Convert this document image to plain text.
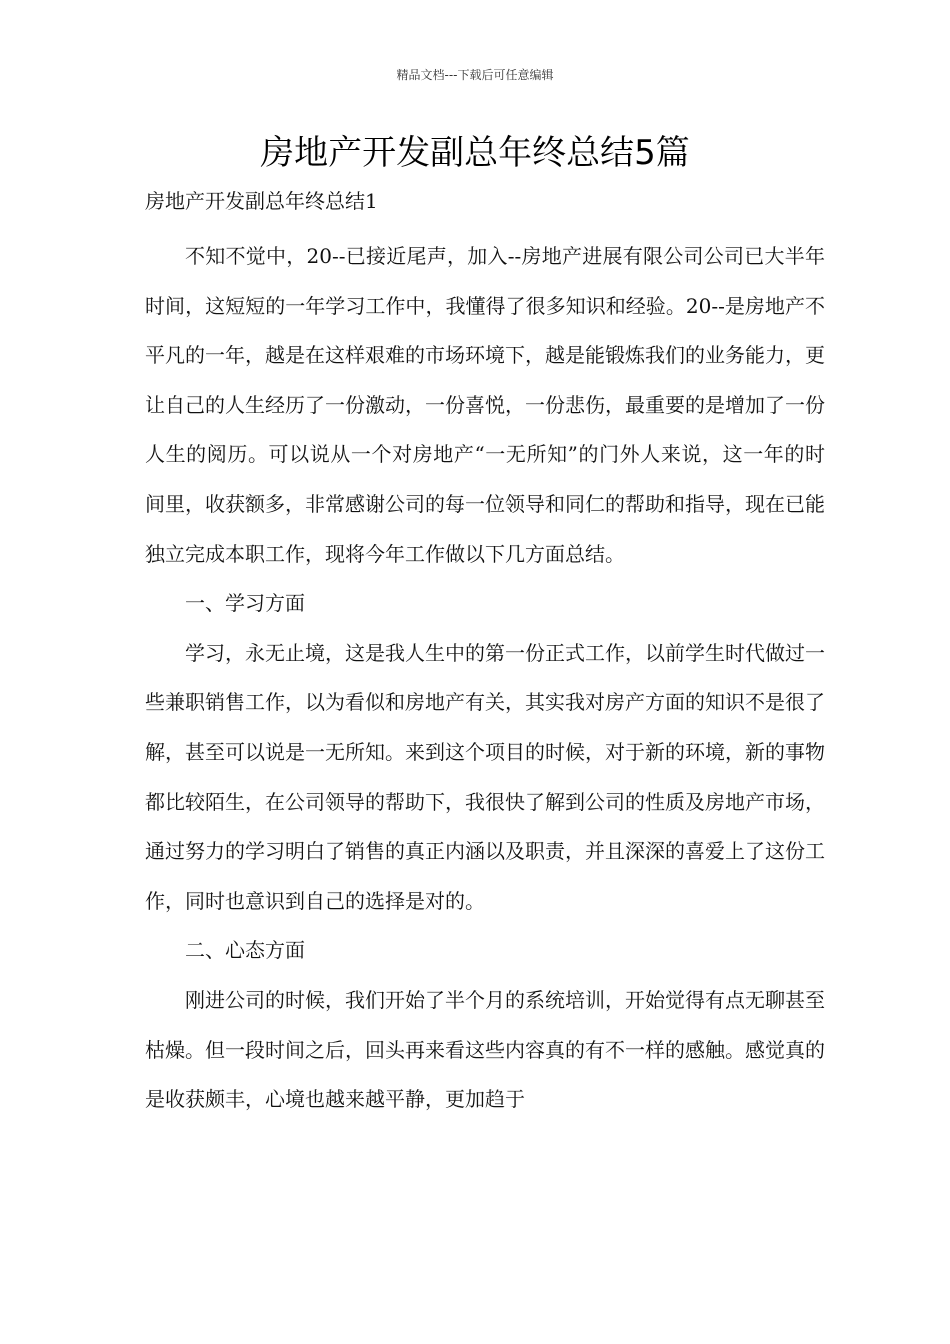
精品文档---下载后可任意编辑
房地产开发副总年终总结5篇

房地产开发副总年终总结1

不知不觉中，20--已接近尾声，加入--房地产进展有限公司公司已大半年时间，这短短的一年学习工作中，我懂得了很多知识和经验。20--是房地产不平凡的一年，越是在这样艰难的市场环境下，越是能锻炼我们的业务能力，更让自己的人生经历了一份激动，一份喜悦，一份悲伤，最重要的是增加了一份人生的阅历。可以说从一个对房地产“一无所知”的门外人来说，这一年的时间里，收获额多，非常感谢公司的每一位领导和同仁的帮助和指导，现在已能独立完成本职工作，现将今年工作做以下几方面总结。

一、学习方面

学习，永无止境，这是我人生中的第一份正式工作，以前学生时代做过一些兼职销售工作，以为看似和房地产有关，其实我对房产方面的知识不是很了解，甚至可以说是一无所知。来到这个项目的时候，对于新的环境，新的事物都比较陌生，在公司领导的帮助下，我很快了解到公司的性质及房地产市场，通过努力的学习明白了销售的真正内涵以及职责，并且深深的喜爱上了这份工作，同时也意识到自己的选择是对的。

二、心态方面

刚进公司的时候，我们开始了半个月的系统培训，开始觉得有点无聊甚至枯燥。但一段时间之后，回头再来看这些内容真的有不一样的感触。感觉真的是收获颇丰，心境也越来越平静，更加趋于
